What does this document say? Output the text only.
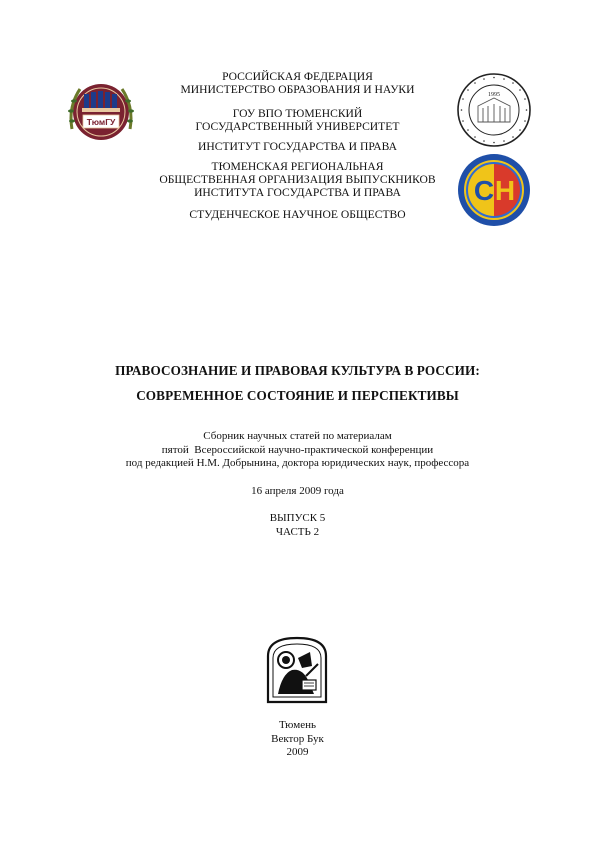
ТюмГУ
1995
С Н
РОССИЙСКАЯ ФЕДЕРАЦИЯ
МИНИСТЕРСТВО ОБРАЗОВАНИЯ И НАУКИ
ГОУ ВПО ТЮМЕНСКИЙ
ГОСУДАРСТВЕННЫЙ УНИВЕРСИТЕТ
ИНСТИТУТ ГОСУДАРСТВА И ПРАВА
ТЮМЕНСКАЯ РЕГИОНАЛЬНАЯ
ОБЩЕСТВЕННАЯ ОРГАНИЗАЦИЯ ВЫПУСКНИКОВ
ИНСТИТУТА ГОСУДАРСТВА И ПРАВА
СТУДЕНЧЕСКОЕ НАУЧНОЕ ОБЩЕСТВО
ПРАВОСОЗНАНИЕ И ПРАВОВАЯ КУЛЬТУРА В РОССИИ:
СОВРЕМЕННОЕ СОСТОЯНИЕ И ПЕРСПЕКТИВЫ
Сборник научных статей по материалам
пятой  Всероссийской научно-практической конференции
под редакцией Н.М. Добрынина, доктора юридических наук, профессора
16 апреля 2009 года
ВЫПУСК 5
ЧАСТЬ 2
Тюмень
Вектор Бук
2009
